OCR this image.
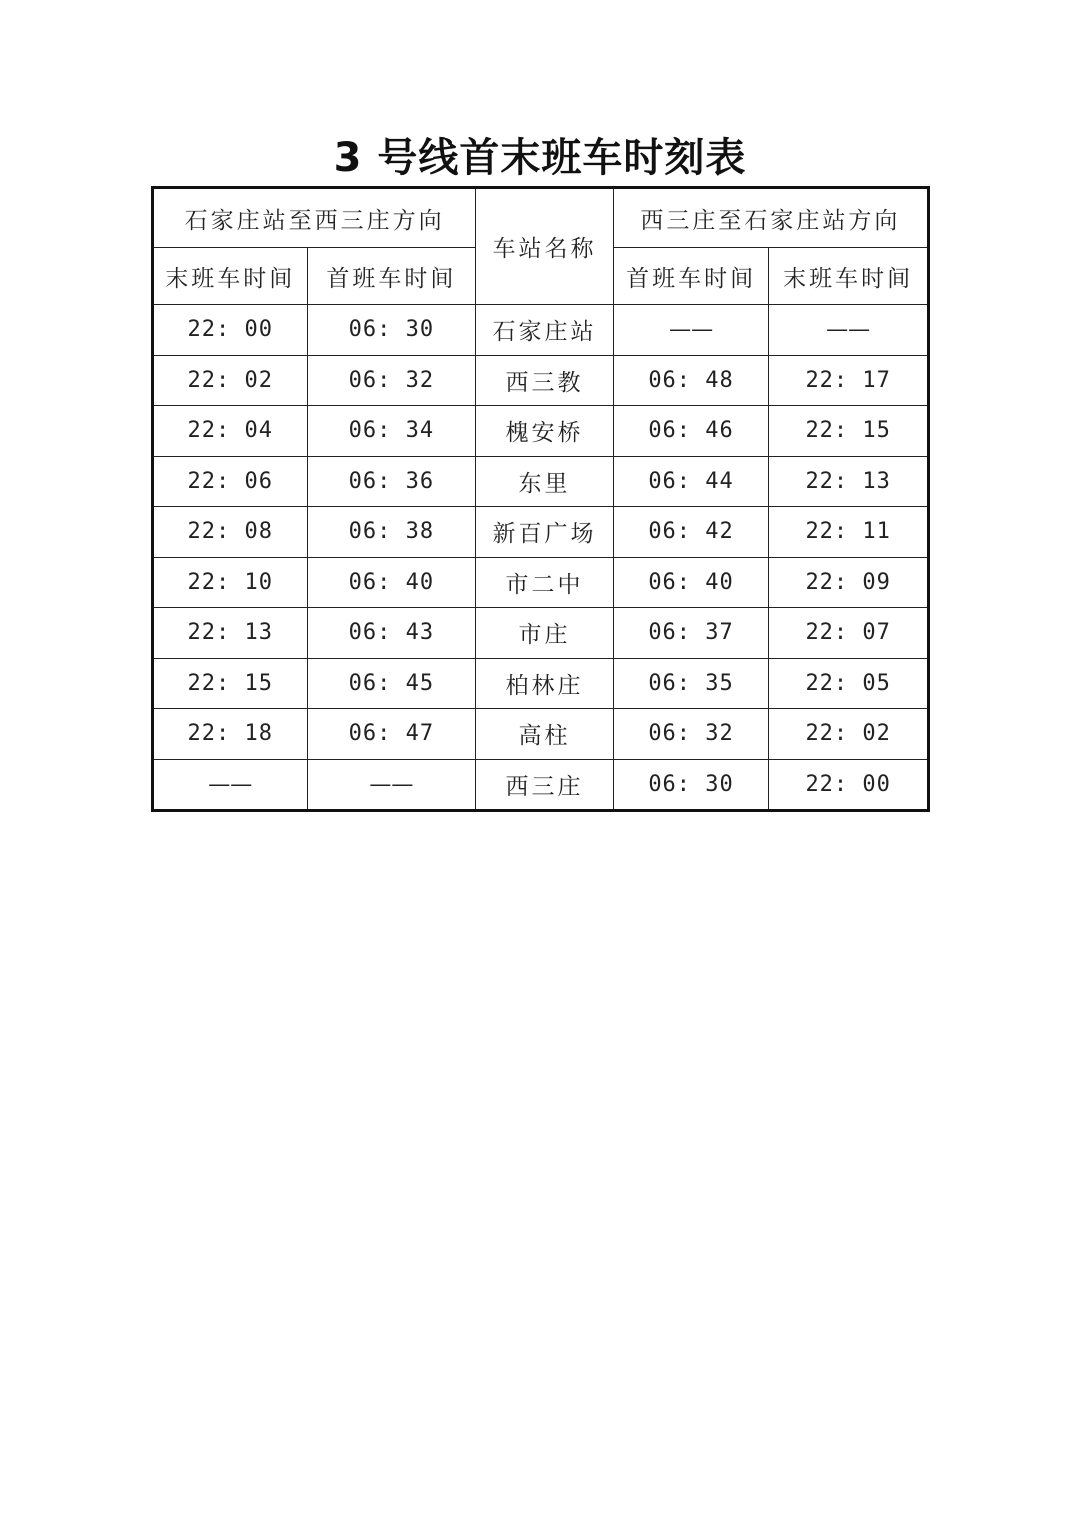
3 号线首末班车时刻表
石家庄站至西三庄方向		车站名称	西三庄至石家庄站方向	
末班车时间	首班车时间		首班车时间	末班车时间
22: 00	06: 30	石家庄站	——	——
22: 02	06: 32	西三教	06: 48	22: 17
22: 04	06: 34	槐安桥	06: 46	22: 15
22: 06	06: 36	东里	06: 44	22: 13
22: 08	06: 38	新百广场	06: 42	22: 11
22: 10	06: 40	市二中	06: 40	22: 09
22: 13	06: 43	市庄	06: 37	22: 07
22: 15	06: 45	柏林庄	06: 35	22: 05
22: 18	06: 47	高柱	06: 32	22: 02
——	——	西三庄	06: 30	22: 00
